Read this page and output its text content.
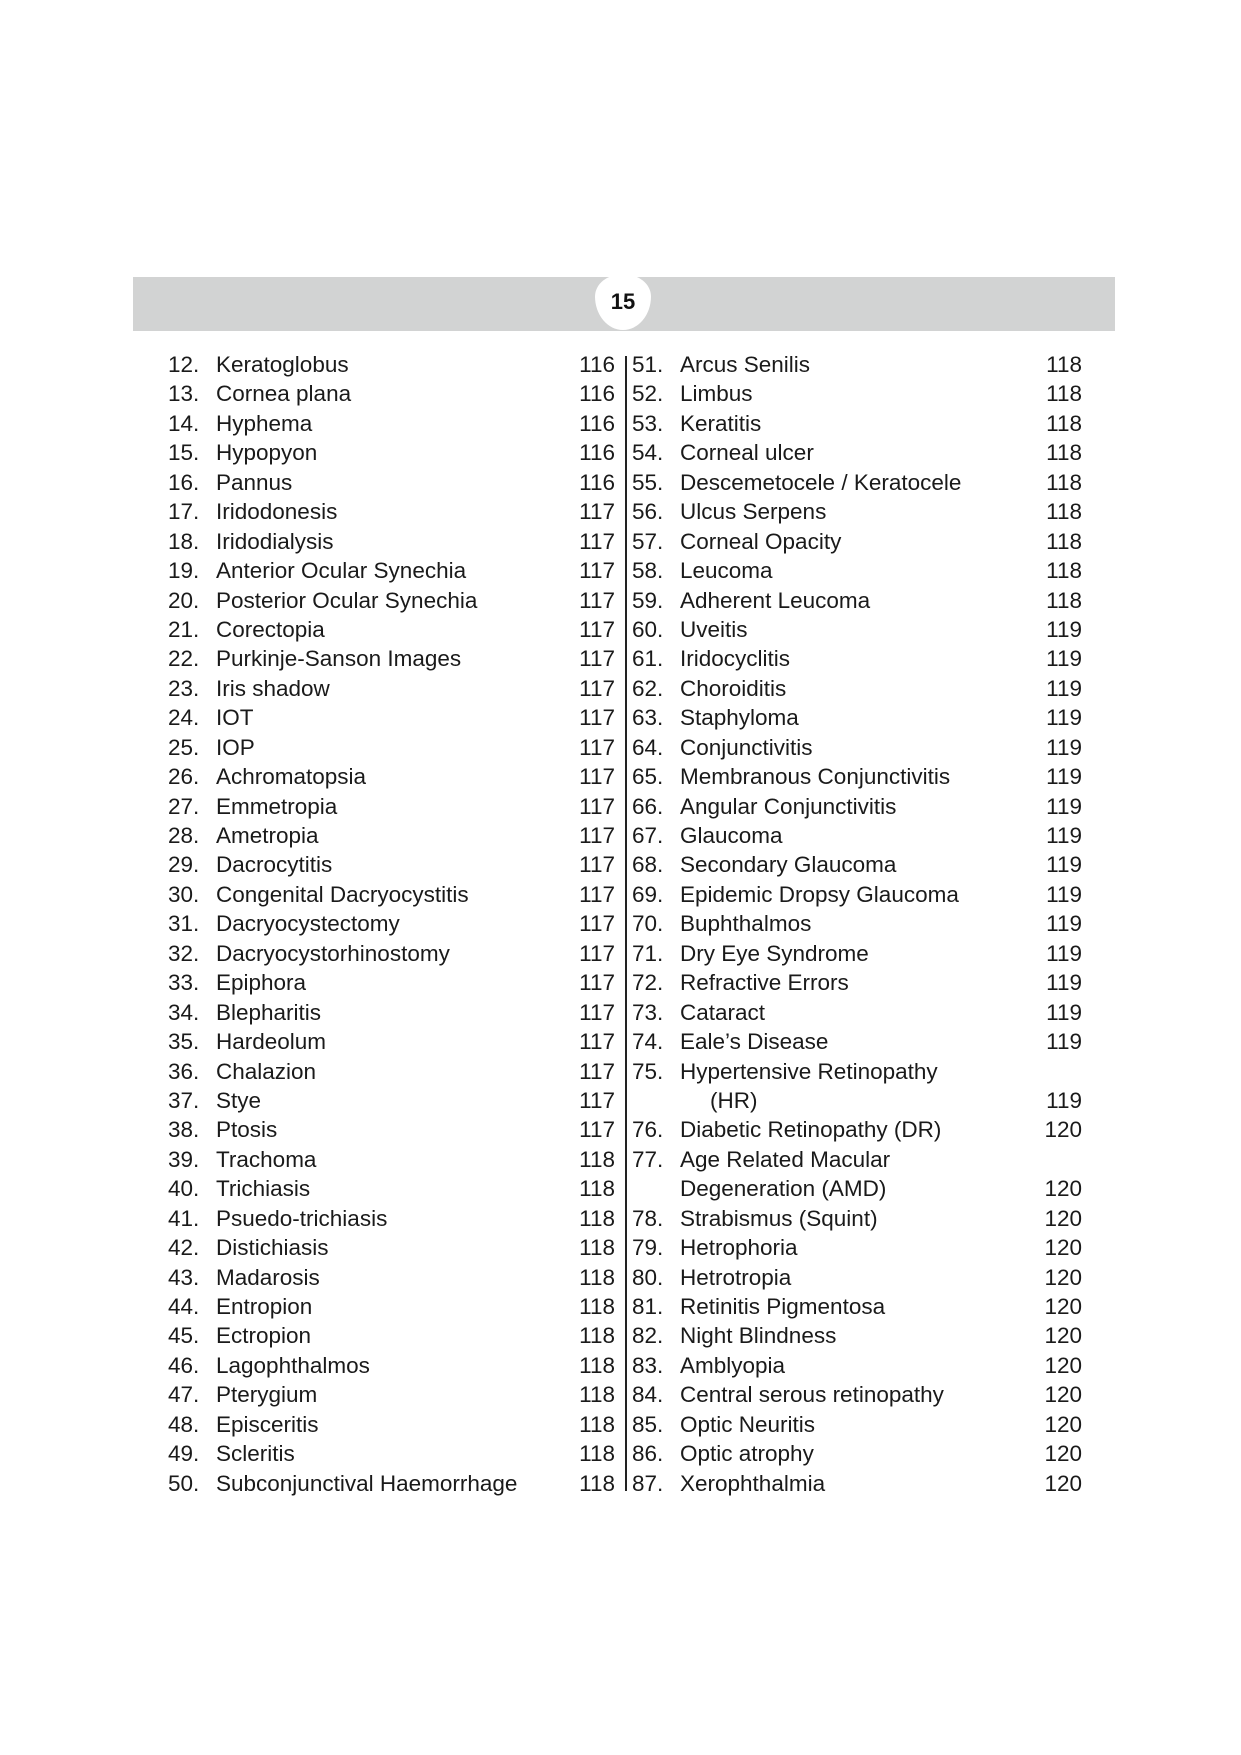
15
12. Keratoglobus	116
13. Cornea plana	116
14. Hyphema	116
15. Hypopyon	116
16. Pannus	116
17. Iridodonesis	117
18. Iridodialysis	117
19. Anterior Ocular Synechia	117
20. Posterior Ocular Synechia	117
21. Corectopia	117
22. Purkinje-Sanson Images	117
23. Iris shadow	117
24. IOT	117
25. IOP	117
26. Achromatopsia	117
27. Emmetropia	117
28. Ametropia	117
29. Dacrocytitis	117
30. Congenital Dacryocystitis	117
31. Dacryocystectomy	117
32. Dacryocystorhinostomy	117
33. Epiphora	117
34. Blepharitis	117
35. Hardeolum	117
36. Chalazion	117
37. Stye	117
38. Ptosis	117
39. Trachoma	118
40. Trichiasis	118
41. Psuedo-trichiasis	118
42. Distichiasis	118
43. Madarosis	118
44. Entropion	118
45. Ectropion	118
46. Lagophthalmos	118
47. Pterygium	118
48. Episceritis	118
49. Scleritis	118
50. Subconjunctival Haemorrhage	118
51. Arcus Senilis	118
52. Limbus	118
53. Keratitis	118
54. Corneal ulcer	118
55. Descemetocele / Keratocele	118
56. Ulcus Serpens	118
57. Corneal Opacity	118
58. Leucoma	118
59. Adherent Leucoma	118
60. Uveitis	119
61. Iridocyclitis	119
62. Choroiditis	119
63. Staphyloma	119
64. Conjunctivitis	119
65. Membranous Conjunctivitis	119
66. Angular Conjunctivitis	119
67. Glaucoma	119
68. Secondary Glaucoma	119
69. Epidemic Dropsy Glaucoma	119
70. Buphthalmos	119
71. Dry Eye Syndrome	119
72. Refractive Errors	119
73. Cataract	119
74. Eale’s Disease	119
75. Hypertensive Retinopathy
(HR)	119
76. Diabetic Retinopathy (DR)	120
77. Age Related Macular
Degeneration (AMD)	120
78. Strabismus (Squint)	120
79. Hetrophoria	120
80. Hetrotropia	120
81. Retinitis Pigmentosa	120
82. Night Blindness	120
83. Amblyopia	120
84. Central serous retinopathy	120
85. Optic Neuritis	120
86. Optic atrophy	120
87. Xerophthalmia	120
